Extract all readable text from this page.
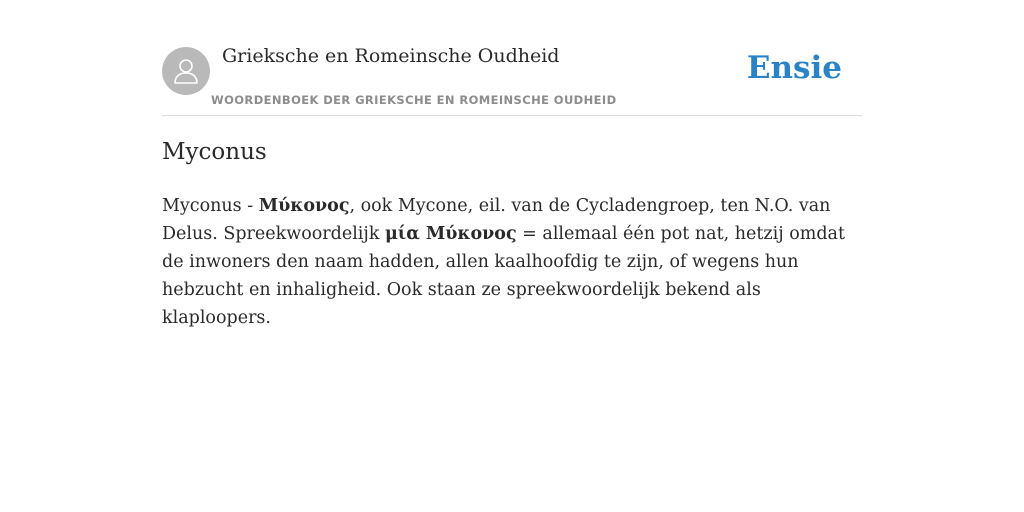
Grieksche en Romeinsche Oudheid
WOORDENBOEK DER GRIEKSCHE EN ROMEINSCHE OUDHEID
Ensie
Myconus

Myconus - Μύκονος, ook Mycone, eil. van de Cycladengroep, ten N.O. van Delus. Spreekwoordelijk μία Μύκονος = allemaal één pot nat, hetzij omdat de inwoners den naam hadden, allen kaalhoofdig te zijn, of wegens hun hebzucht en inhaligheid. Ook staan ze spreekwoordelijk bekend als klaploopers.
